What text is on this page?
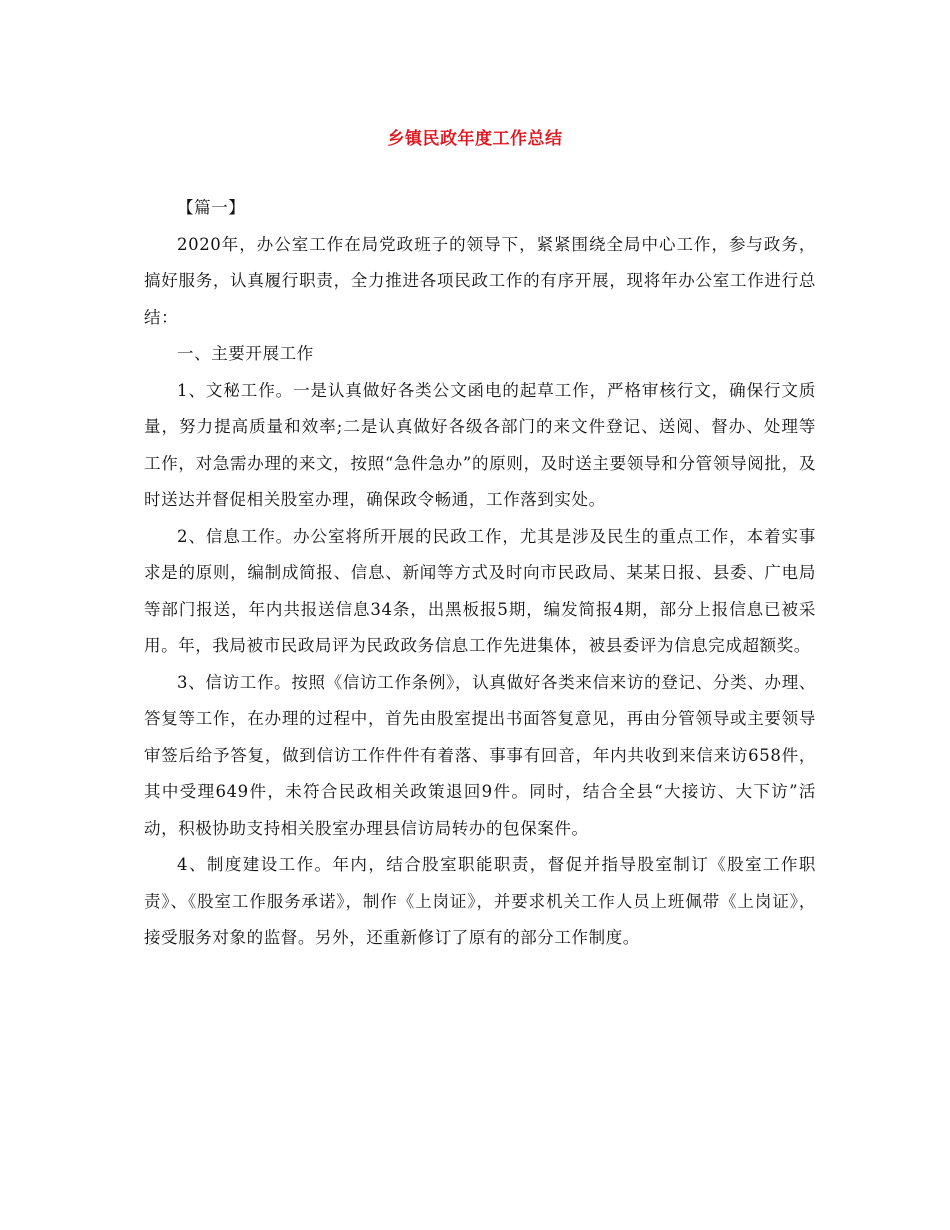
乡镇民政年度工作总结

【篇一】

2020年，办公室工作在局党政班子的领导下，紧紧围绕全局中心工作，参与政务，搞好服务，认真履行职责，全力推进各项民政工作的有序开展，现将年办公室工作进行总结：

一、主要开展工作

1、文秘工作。一是认真做好各类公文函电的起草工作，严格审核行文，确保行文质量，努力提高质量和效率;二是认真做好各级各部门的来文件登记、送阅、督办、处理等工作，对急需办理的来文，按照“急件急办”的原则，及时送主要领导和分管领导阅批，及时送达并督促相关股室办理，确保政令畅通，工作落到实处。

2、信息工作。办公室将所开展的民政工作，尤其是涉及民生的重点工作，本着实事求是的原则，编制成简报、信息、新闻等方式及时向市民政局、某某日报、县委、广电局等部门报送，年内共报送信息34条，出黑板报5期，编发简报4期，部分上报信息已被采用。年，我局被市民政局评为民政政务信息工作先进集体，被县委评为信息完成超额奖。

3、信访工作。按照《信访工作条例》，认真做好各类来信来访的登记、分类、办理、答复等工作，在办理的过程中，首先由股室提出书面答复意见，再由分管领导或主要领导审签后给予答复，做到信访工作件件有着落、事事有回音，年内共收到来信来访658件，其中受理649件，未符合民政相关政策退回9件。同时，结合全县“大接访、大下访”活动，积极协助支持相关股室办理县信访局转办的包保案件。

4、制度建设工作。年内，结合股室职能职责，督促并指导股室制订《股室工作职责》、《股室工作服务承诺》，制作《上岗证》，并要求机关工作人员上班佩带《上岗证》，接受服务对象的监督。另外，还重新修订了原有的部分工作制度。
